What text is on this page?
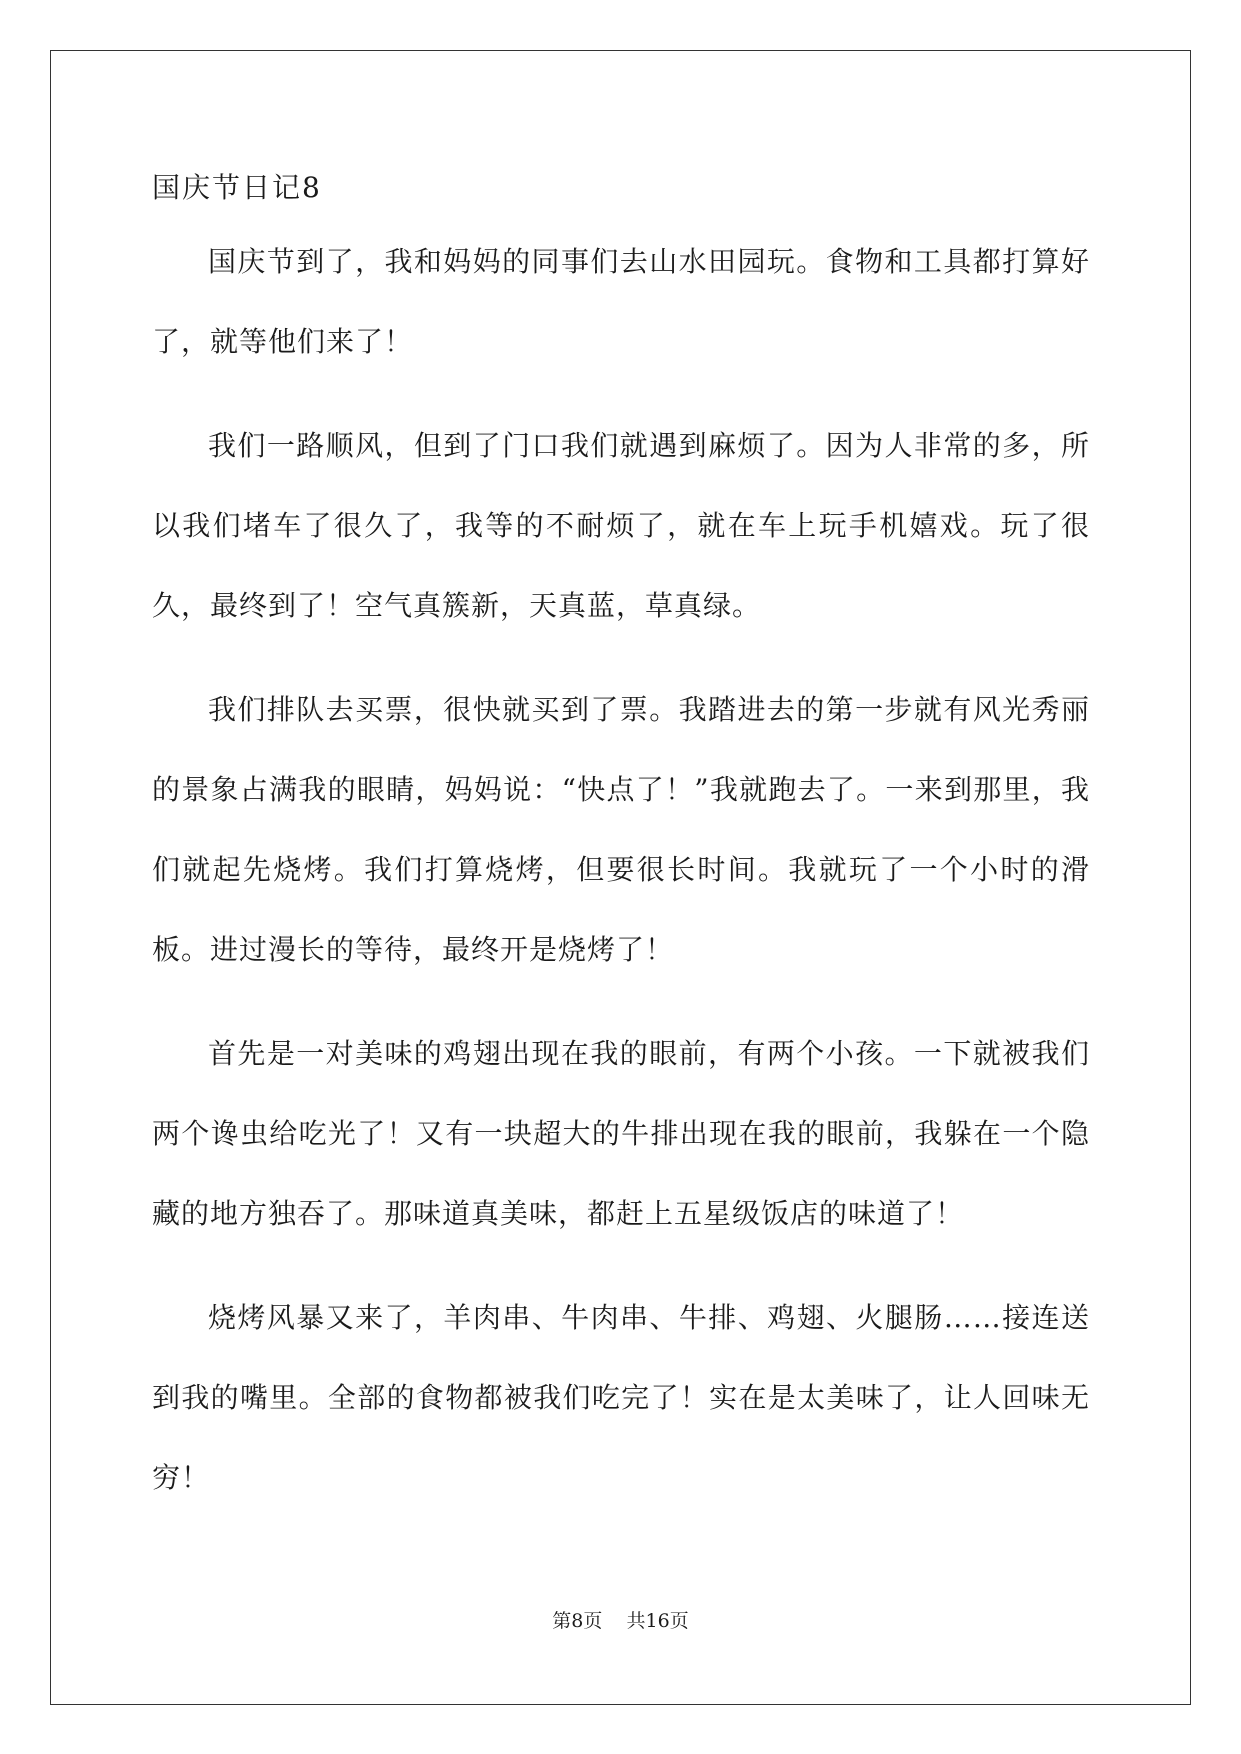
国庆节日记8

国庆节到了，我和妈妈的同事们去山水田园玩。食物和工具都打算好了，就等他们来了！

我们一路顺风，但到了门口我们就遇到麻烦了。因为人非常的多，所以我们堵车了很久了，我等的不耐烦了，就在车上玩手机嬉戏。玩了很久，最终到了！空气真簇新，天真蓝，草真绿。

我们排队去买票，很快就买到了票。我踏进去的第一步就有风光秀丽的景象占满我的眼睛，妈妈说：“快点了！”我就跑去了。一来到那里，我们就起先烧烤。我们打算烧烤，但要很长时间。我就玩了一个小时的滑板。进过漫长的等待，最终开是烧烤了！

首先是一对美味的鸡翅出现在我的眼前，有两个小孩。一下就被我们两个谗虫给吃光了！又有一块超大的牛排出现在我的眼前，我躲在一个隐藏的地方独吞了。那味道真美味，都赶上五星级饭店的味道了！

烧烤风暴又来了，羊肉串、牛肉串、牛排、鸡翅、火腿肠……接连送到我的嘴里。全部的食物都被我们吃完了！实在是太美味了，让人回味无穷！

第8页    共16页
